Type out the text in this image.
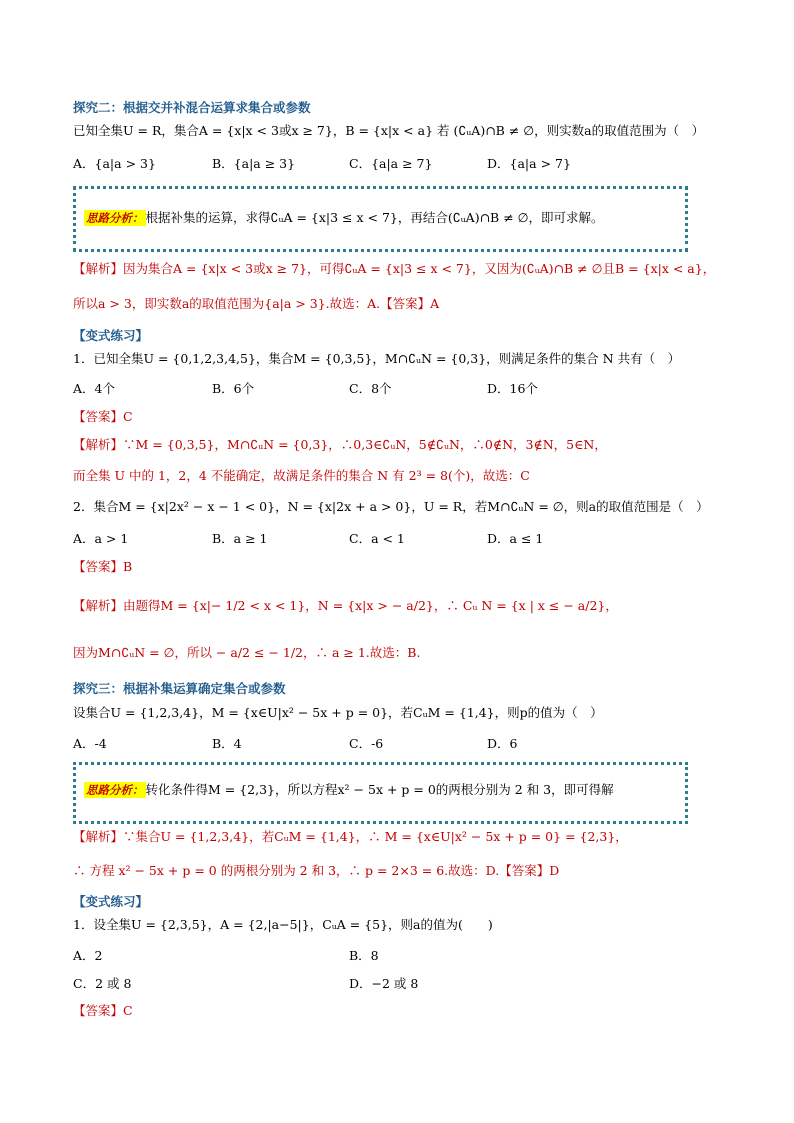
探究二：根据交并补混合运算求集合或参数
已知全集U = R，集合A = {x|x < 3或x ≥ 7}，B = {x|x < a} 若 (∁ᵤA)∩B ≠ ∅，则实数a的取值范围为（　）
A．{a|a > 3}	B．{a|a ≥ 3}	C．{a|a ≥ 7}	D．{a|a > 7}
思路分析： 根据补集的运算，求得∁ᵤA = {x|3 ≤ x < 7}，再结合(∁ᵤA)∩B ≠ ∅，即可求解。
【解析】因为集合A = {x|x < 3或x ≥ 7}，可得∁ᵤA = {x|3 ≤ x < 7}，又因为(∁ᵤA)∩B ≠ ∅且B = {x|x < a}，
所以a > 3，即实数a的取值范围为{a|a > 3}.故选：A.【答案】A
【变式练习】
1．已知全集U = {0,1,2,3,4,5}，集合M = {0,3,5}，M∩∁ᵤN = {0,3}，则满足条件的集合 N 共有（　）
A．4个	B．6个	C．8个	D．16个
【答案】C
【解析】∵M = {0,3,5}，M∩∁ᵤN = {0,3}，∴0,3∈∁ᵤN，5∉∁ᵤN，∴0∉N，3∉N，5∈N，
而全集 U 中的 1，2，4 不能确定，故满足条件的集合 N 有 2³ = 8(个)，故选：C
2．集合M = {x|2x² − x − 1 < 0}，N = {x|2x + a > 0}，U = R，若M∩∁ᵤN = ∅，则a的取值范围是（　）
A．a > 1	B．a ≥ 1	C．a < 1	D．a ≤ 1
【答案】B
【解析】由题得M = {x|− 1/2 < x < 1}，N = {x|x > − a/2}，∴ Cᵤ N = {x | x ≤ − a/2}，
因为M∩∁ᵤN = ∅，所以 − a/2 ≤ − 1/2，∴ a ≥ 1.故选：B.
探究三：根据补集运算确定集合或参数
设集合U = {1,2,3,4}，M = {x∈U|x² − 5x + p = 0}，若CᵤM = {1,4}，则p的值为（　）
A．-4	B．4	C．-6	D．6
思路分析： 转化条件得M = {2,3}，所以方程x² − 5x + p = 0的两根分别为 2 和 3，即可得解
【解析】∵集合U = {1,2,3,4}，若CᵤM = {1,4}，∴ M = {x∈U|x² − 5x + p = 0} = {2,3}，
∴ 方程 x² − 5x + p = 0 的两根分别为 2 和 3，∴ p = 2×3 = 6.故选：D.【答案】D
【变式练习】
1．设全集U = {2,3,5}，A = {2,|a−5|}，CᵤA = {5}，则a的值为(　　)
A．2	B．8
C．2 或 8	D．−2 或 8
【答案】C
